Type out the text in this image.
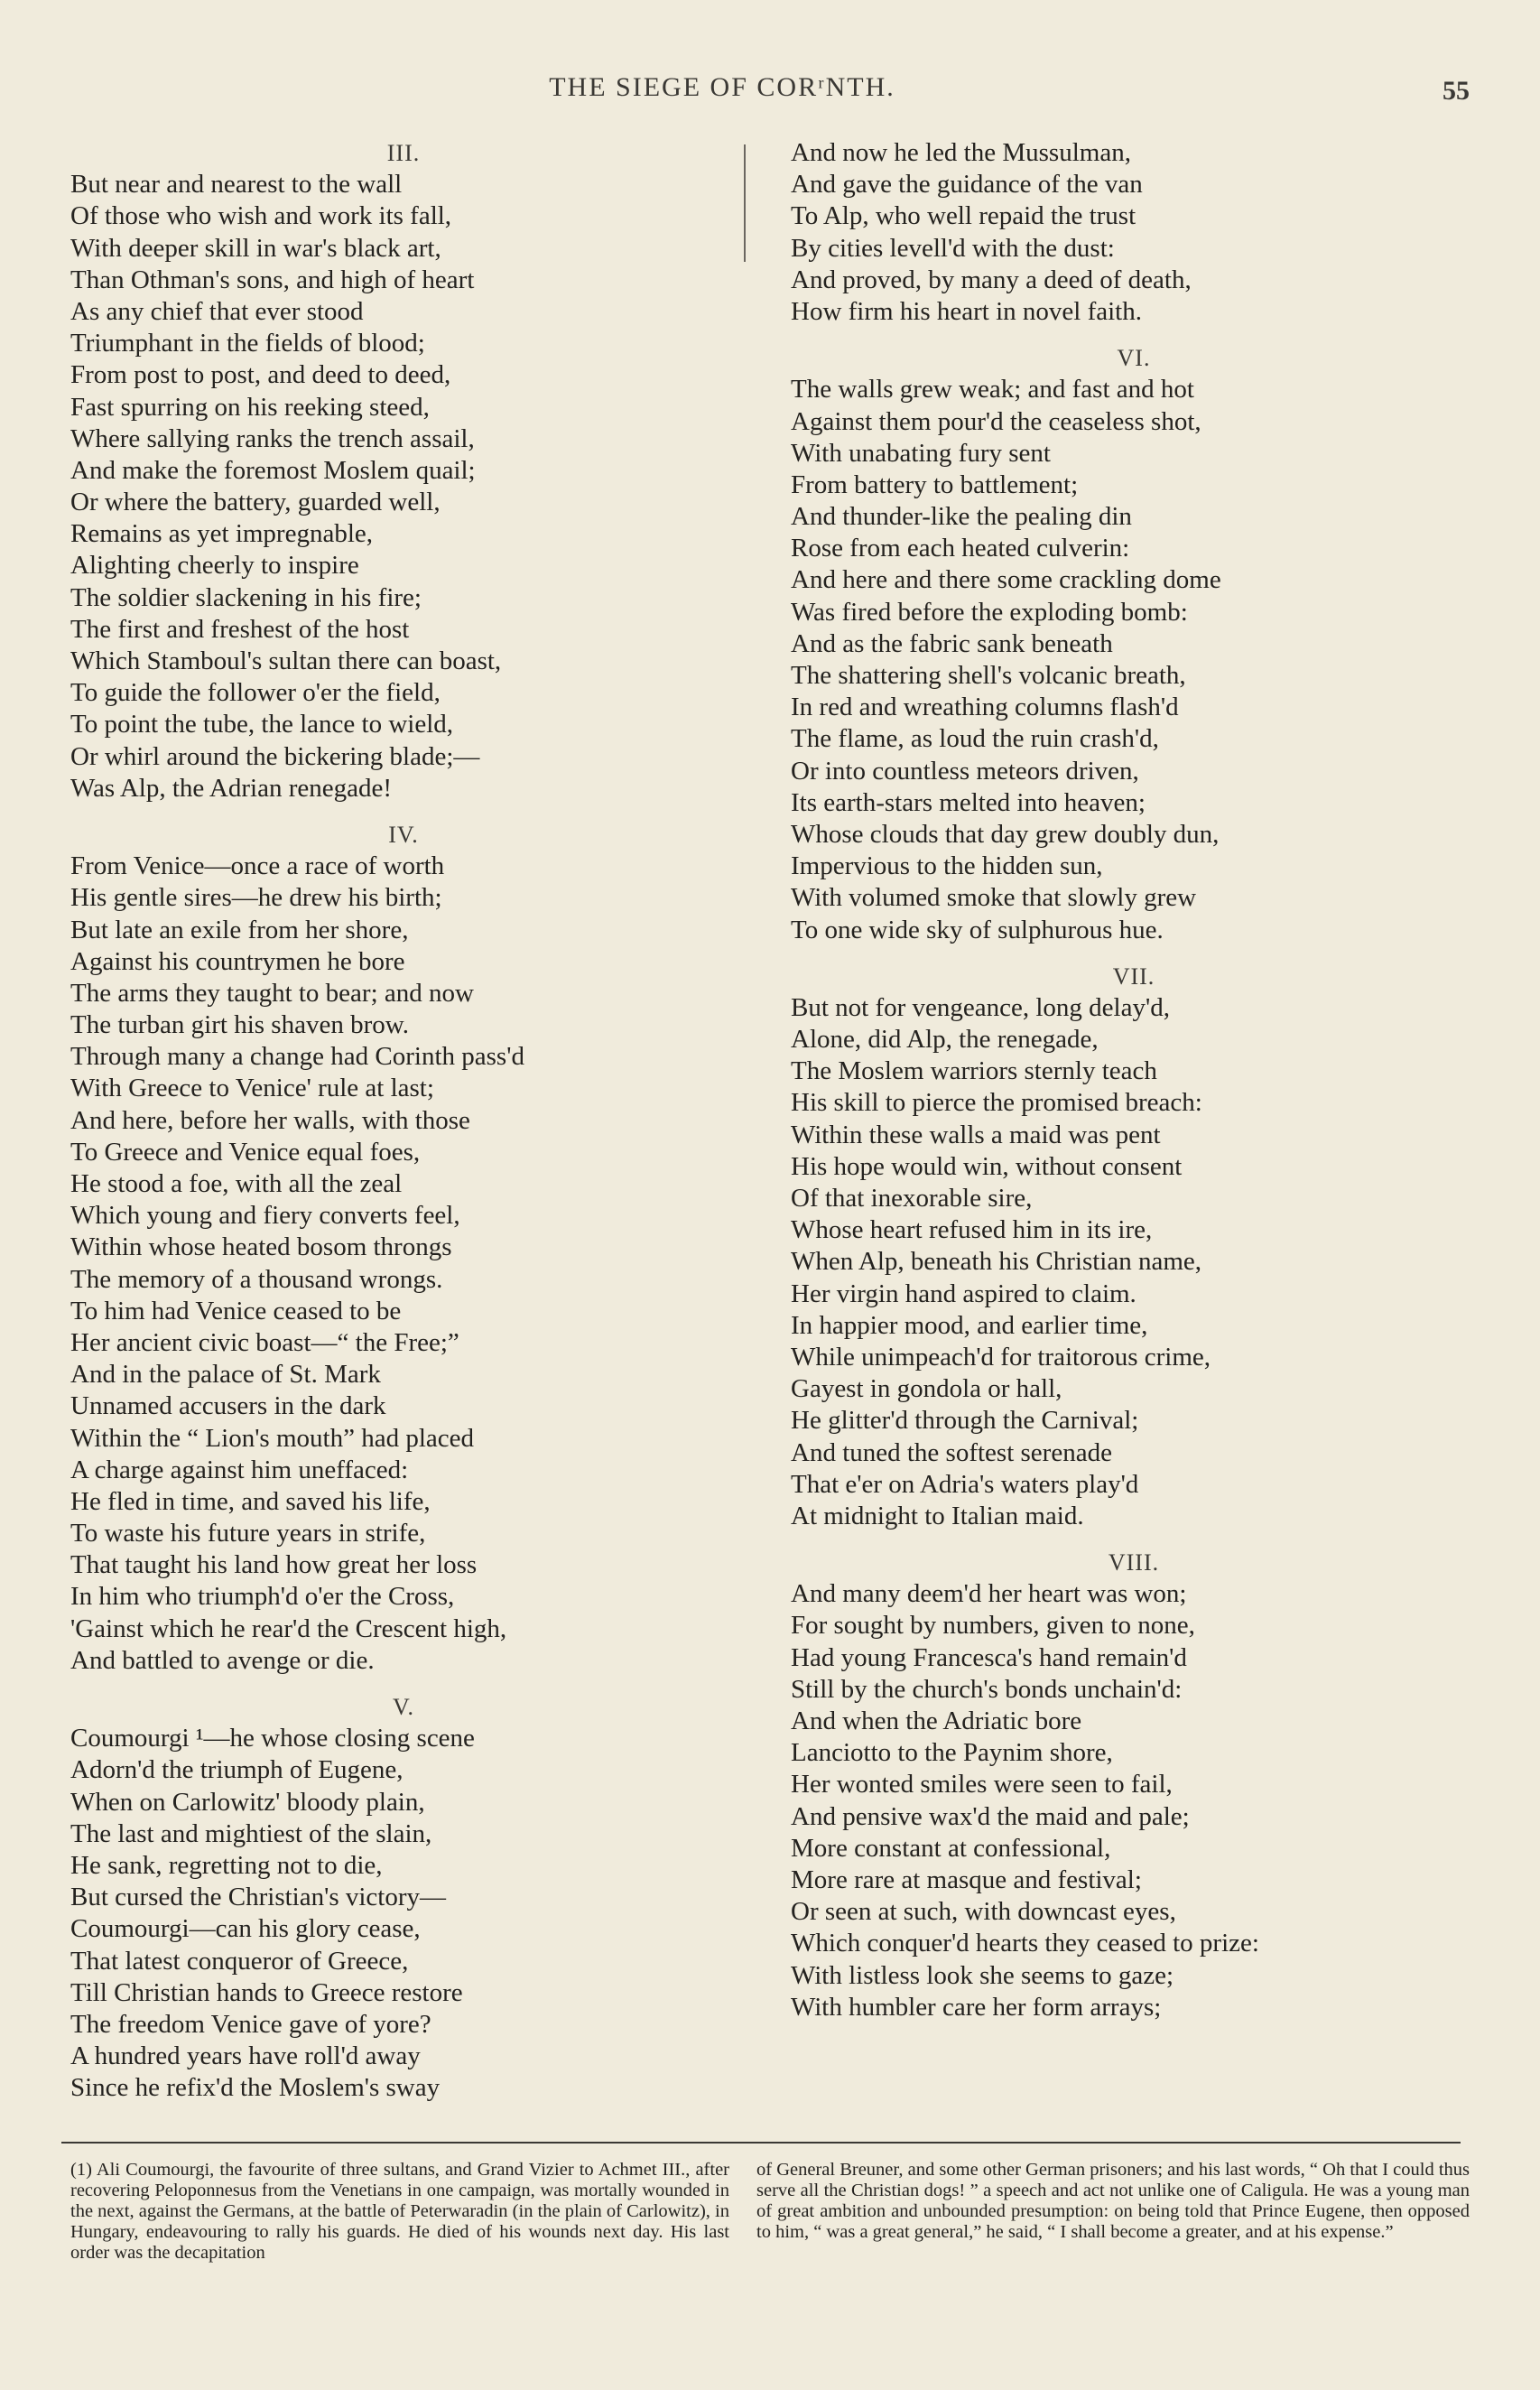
THE SIEGE OF CORʳNTH.	55
III.
But near and nearest to the wall
Of those who wish and work its fall,
With deeper skill in war's black art,
Than Othman's sons, and high of heart
As any chief that ever stood
Triumphant in the fields of blood;
From post to post, and deed to deed,
Fast spurring on his reeking steed,
Where sallying ranks the trench assail,
And make the foremost Moslem quail;
Or where the battery, guarded well,
Remains as yet impregnable,
Alighting cheerly to inspire
The soldier slackening in his fire;
The first and freshest of the host
Which Stamboul's sultan there can boast,
To guide the follower o'er the field,
To point the tube, the lance to wield,
Or whirl around the bickering blade;—
Was Alp, the Adrian renegade!
IV.
From Venice—once a race of worth
His gentle sires—he drew his birth;
But late an exile from her shore,
Against his countrymen he bore
The arms they taught to bear; and now
The turban girt his shaven brow.
Through many a change had Corinth pass'd
With Greece to Venice' rule at last;
And here, before her walls, with those
To Greece and Venice equal foes,
He stood a foe, with all the zeal
Which young and fiery converts feel,
Within whose heated bosom throngs
The memory of a thousand wrongs.
To him had Venice ceased to be
Her ancient civic boast—“ the Free;”
And in the palace of St. Mark
Unnamed accusers in the dark
Within the “ Lion's mouth” had placed
A charge against him uneffaced:
He fled in time, and saved his life,
To waste his future years in strife,
That taught his land how great her loss
In him who triumph'd o'er the Cross,
'Gainst which he rear'd the Crescent high,
And battled to avenge or die.
V.
Coumourgi ¹—he whose closing scene
Adorn'd the triumph of Eugene,
When on Carlowitz' bloody plain,
The last and mightiest of the slain,
He sank, regretting not to die,
But cursed the Christian's victory—
Coumourgi—can his glory cease,
That latest conqueror of Greece,
Till Christian hands to Greece restore
The freedom Venice gave of yore?
A hundred years have roll'd away
Since he refix'd the Moslem's sway
And now he led the Mussulman,
And gave the guidance of the van
To Alp, who well repaid the trust
By cities levell'd with the dust:
And proved, by many a deed of death,
How firm his heart in novel faith.
VI.
The walls grew weak; and fast and hot
Against them pour'd the ceaseless shot,
With unabating fury sent
From battery to battlement;
And thunder-like the pealing din
Rose from each heated culverin:
And here and there some crackling dome
Was fired before the exploding bomb:
And as the fabric sank beneath
The shattering shell's volcanic breath,
In red and wreathing columns flash'd
The flame, as loud the ruin crash'd,
Or into countless meteors driven,
Its earth-stars melted into heaven;
Whose clouds that day grew doubly dun,
Impervious to the hidden sun,
With volumed smoke that slowly grew
To one wide sky of sulphurous hue.
VII.
But not for vengeance, long delay'd,
Alone, did Alp, the renegade,
The Moslem warriors sternly teach
His skill to pierce the promised breach:
Within these walls a maid was pent
His hope would win, without consent
Of that inexorable sire,
Whose heart refused him in its ire,
When Alp, beneath his Christian name,
Her virgin hand aspired to claim.
In happier mood, and earlier time,
While unimpeach'd for traitorous crime,
Gayest in gondola or hall,
He glitter'd through the Carnival;
And tuned the softest serenade
That e'er on Adria's waters play'd
At midnight to Italian maid.
VIII.
And many deem'd her heart was won;
For sought by numbers, given to none,
Had young Francesca's hand remain'd
Still by the church's bonds unchain'd:
And when the Adriatic bore
Lanciotto to the Paynim shore,
Her wonted smiles were seen to fail,
And pensive wax'd the maid and pale;
More constant at confessional,
More rare at masque and festival;
Or seen at such, with downcast eyes,
Which conquer'd hearts they ceased to prize:
With listless look she seems to gaze;
With humbler care her form arrays;
(1) Ali Coumourgi, the favourite of three sultans, and Grand Vizier to Achmet III., after recovering Peloponnesus from the Venetians in one campaign, was mortally wounded in the next, against the Germans, at the battle of Peterwaradin (in the plain of Carlowitz), in Hungary, endeavouring to rally his guards. He died of his wounds next day. His last order was the decapitation
of General Breuner, and some other German prisoners; and his last words, “ Oh that I could thus serve all the Christian dogs! ” a speech and act not unlike one of Caligula. He was a young man of great ambition and unbounded presumption: on being told that Prince Eugene, then opposed to him, “ was a great general,” he said, “ I shall become a greater, and at his expense.”
